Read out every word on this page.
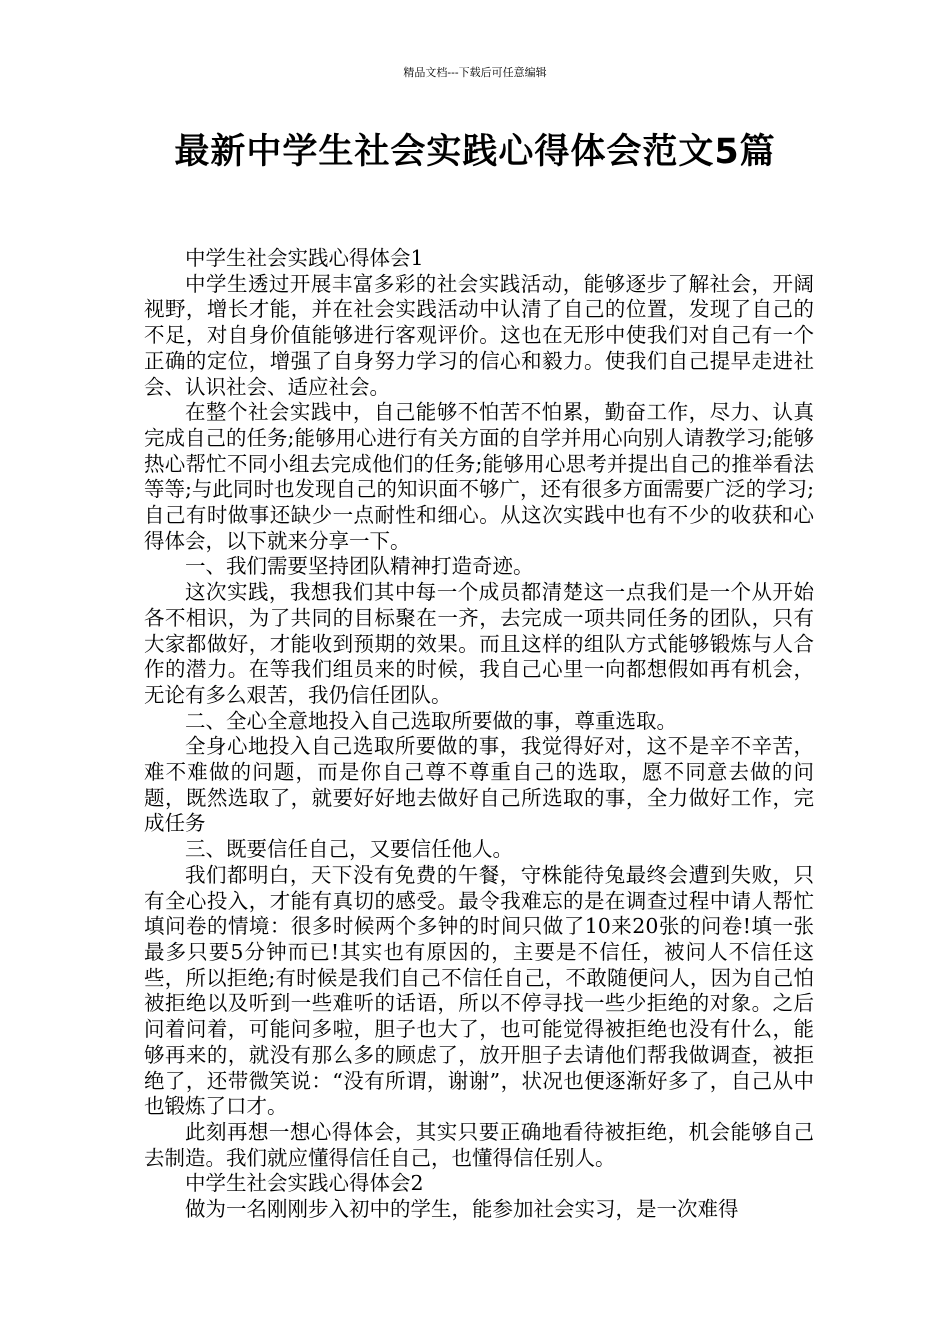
精品文档---下载后可任意编辑
最新中学生社会实践心得体会范文5篇

中学生社会实践心得体会1

中学生透过开展丰富多彩的社会实践活动，能够逐步了解社会，开阔视野，增长才能，并在社会实践活动中认清了自己的位置，发现了自己的不足，对自身价值能够进行客观评价。这也在无形中使我们对自己有一个正确的定位，增强了自身努力学习的信心和毅力。使我们自己提早走进社会、认识社会、适应社会。

在整个社会实践中，自己能够不怕苦不怕累，勤奋工作，尽力、认真完成自己的任务;能够用心进行有关方面的自学并用心向别人请教学习;能够热心帮忙不同小组去完成他们的任务;能够用心思考并提出自己的推举看法等等;与此同时也发现自己的知识面不够广，还有很多方面需要广泛的学习;自己有时做事还缺少一点耐性和细心。从这次实践中也有不少的收获和心得体会，以下就来分享一下。

一、我们需要坚持团队精神打造奇迹。

这次实践，我想我们其中每一个成员都清楚这一点我们是一个从开始各不相识，为了共同的目标聚在一齐，去完成一项共同任务的团队，只有大家都做好，才能收到预期的效果。而且这样的组队方式能够锻炼与人合作的潜力。在等我们组员来的时候，我自己心里一向都想假如再有机会，无论有多么艰苦，我仍信任团队。

二、全心全意地投入自己选取所要做的事，尊重选取。

全身心地投入自己选取所要做的事，我觉得好对，这不是辛不辛苦，难不难做的问题，而是你自己尊不尊重自己的选取，愿不同意去做的问题，既然选取了，就要好好地去做好自己所选取的事，全力做好工作，完成任务

三、既要信任自己，又要信任他人。

我们都明白，天下没有免费的午餐，守株能待兔最终会遭到失败，只有全心投入，才能有真切的感受。最令我难忘的是在调查过程中请人帮忙填问卷的情境：很多时候两个多钟的时间只做了10来20张的问卷!填一张最多只要5分钟而已!其实也有原因的，主要是不信任，被问人不信任这些，所以拒绝;有时候是我们自己不信任自己，不敢随便问人，因为自己怕被拒绝以及听到一些难听的话语，所以不停寻找一些少拒绝的对象。之后问着问着，可能问多啦，胆子也大了，也可能觉得被拒绝也没有什么，能够再来的，就没有那么多的顾虑了，放开胆子去请他们帮我做调查，被拒绝了，还带微笑说：“没有所谓，谢谢”，状况也便逐渐好多了，自己从中也锻炼了口才。

此刻再想一想心得体会，其实只要正确地看待被拒绝，机会能够自己去制造。我们就应懂得信任自己，也懂得信任别人。

中学生社会实践心得体会2

做为一名刚刚步入初中的学生，能参加社会实习，是一次难得
